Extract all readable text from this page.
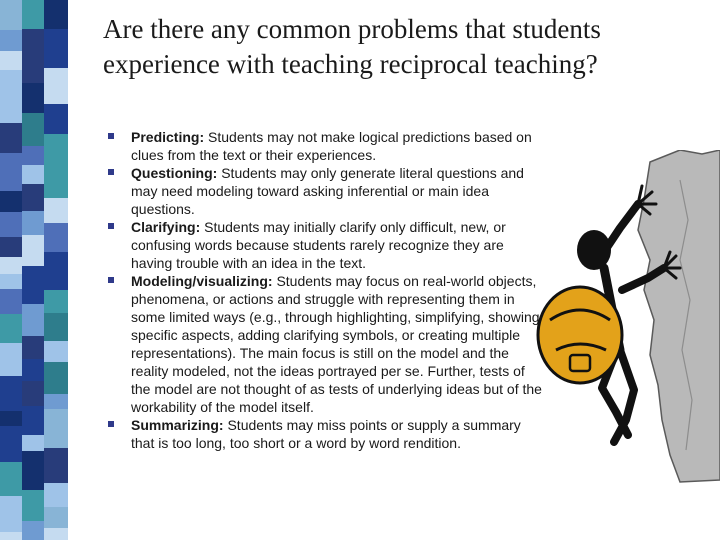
Are there any common problems that students experience with teaching reciprocal teaching?
Predicting: Students may not make logical predictions based on clues from the text or their experiences.
Questioning: Students may only generate literal questions and may need modeling toward asking inferential or main idea questions.
Clarifying: Students may initially clarify only difficult, new, or confusing words because students rarely recognize they are having trouble with an idea in the text.
Modeling/visualizing: Students may focus on real-world objects, phenomena, or actions and struggle with representing them in some limited ways (e.g., through highlighting, simplifying, showing specific aspects, adding clarifying symbols, or creating multiple representations). The main focus is still on the model and the reality modeled, not the ideas portrayed per se. Further, tests of the model are not thought of as tests of underlying ideas but of the workability of the model itself.
Summarizing: Students may miss points or supply a summary that is too long, too short or a word by word rendition.
